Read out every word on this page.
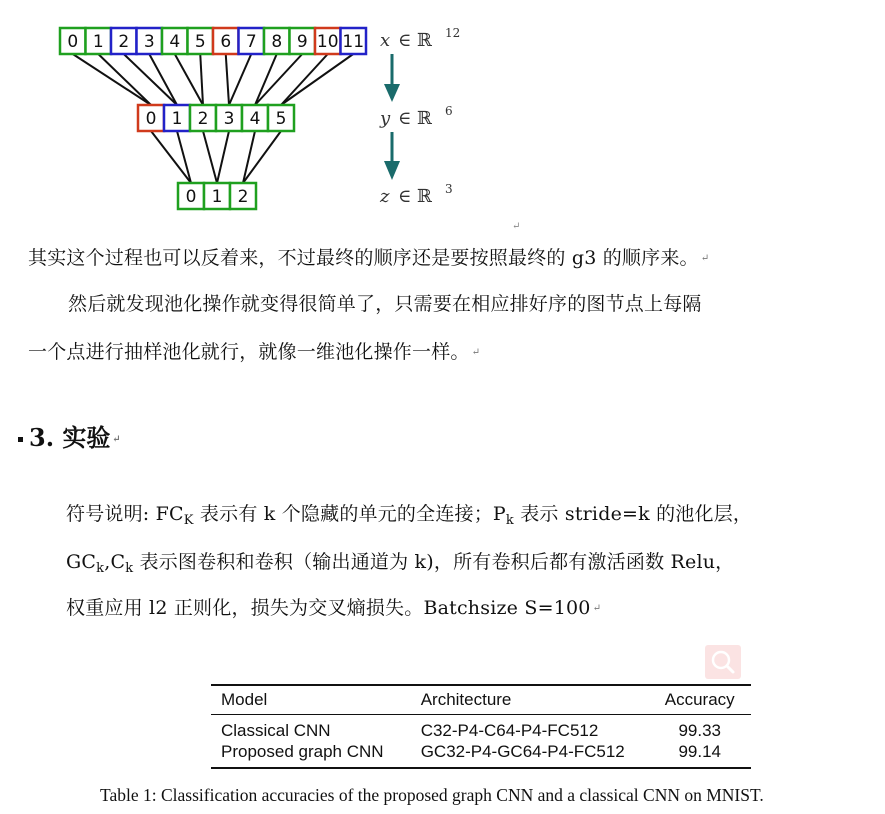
0 1 2 3 4 5 6 7 8 9 10 11
0 1 2 3 4 5
0 1 2
x ∈ ℝ 12
y ∈ ℝ 6
z ∈ ℝ 3
↵
其实这个过程也可以反着来，不过最终的顺序还是要按照最终的 g3 的顺序来。 ↵
然后就发现池化操作就变得很简单了，只需要在相应排好序的图节点上每隔
一个点进行抽样池化就行，就像一维池化操作一样。 ↵
3. 实验 ↵
符号说明: $FC_K$ 表示有 k 个隐藏的单元的全连接；$P_k$ 表示 stride=k 的池化层，
$GC_k,C_k$ 表示图卷积和卷积（输出通道为 k)，所有卷积后都有激活函数 Relu，
权重应用 l2 正则化，损失为交叉熵损失。Batchsize S=100 ↵
Model	Architecture	Accuracy
Classical CNN	C32-P4-C64-P4-FC512	99.33
Proposed graph CNN	GC32-P4-GC64-P4-FC512	99.14
Table 1: Classification accuracies of the proposed graph CNN and a classical CNN on MNIST.
